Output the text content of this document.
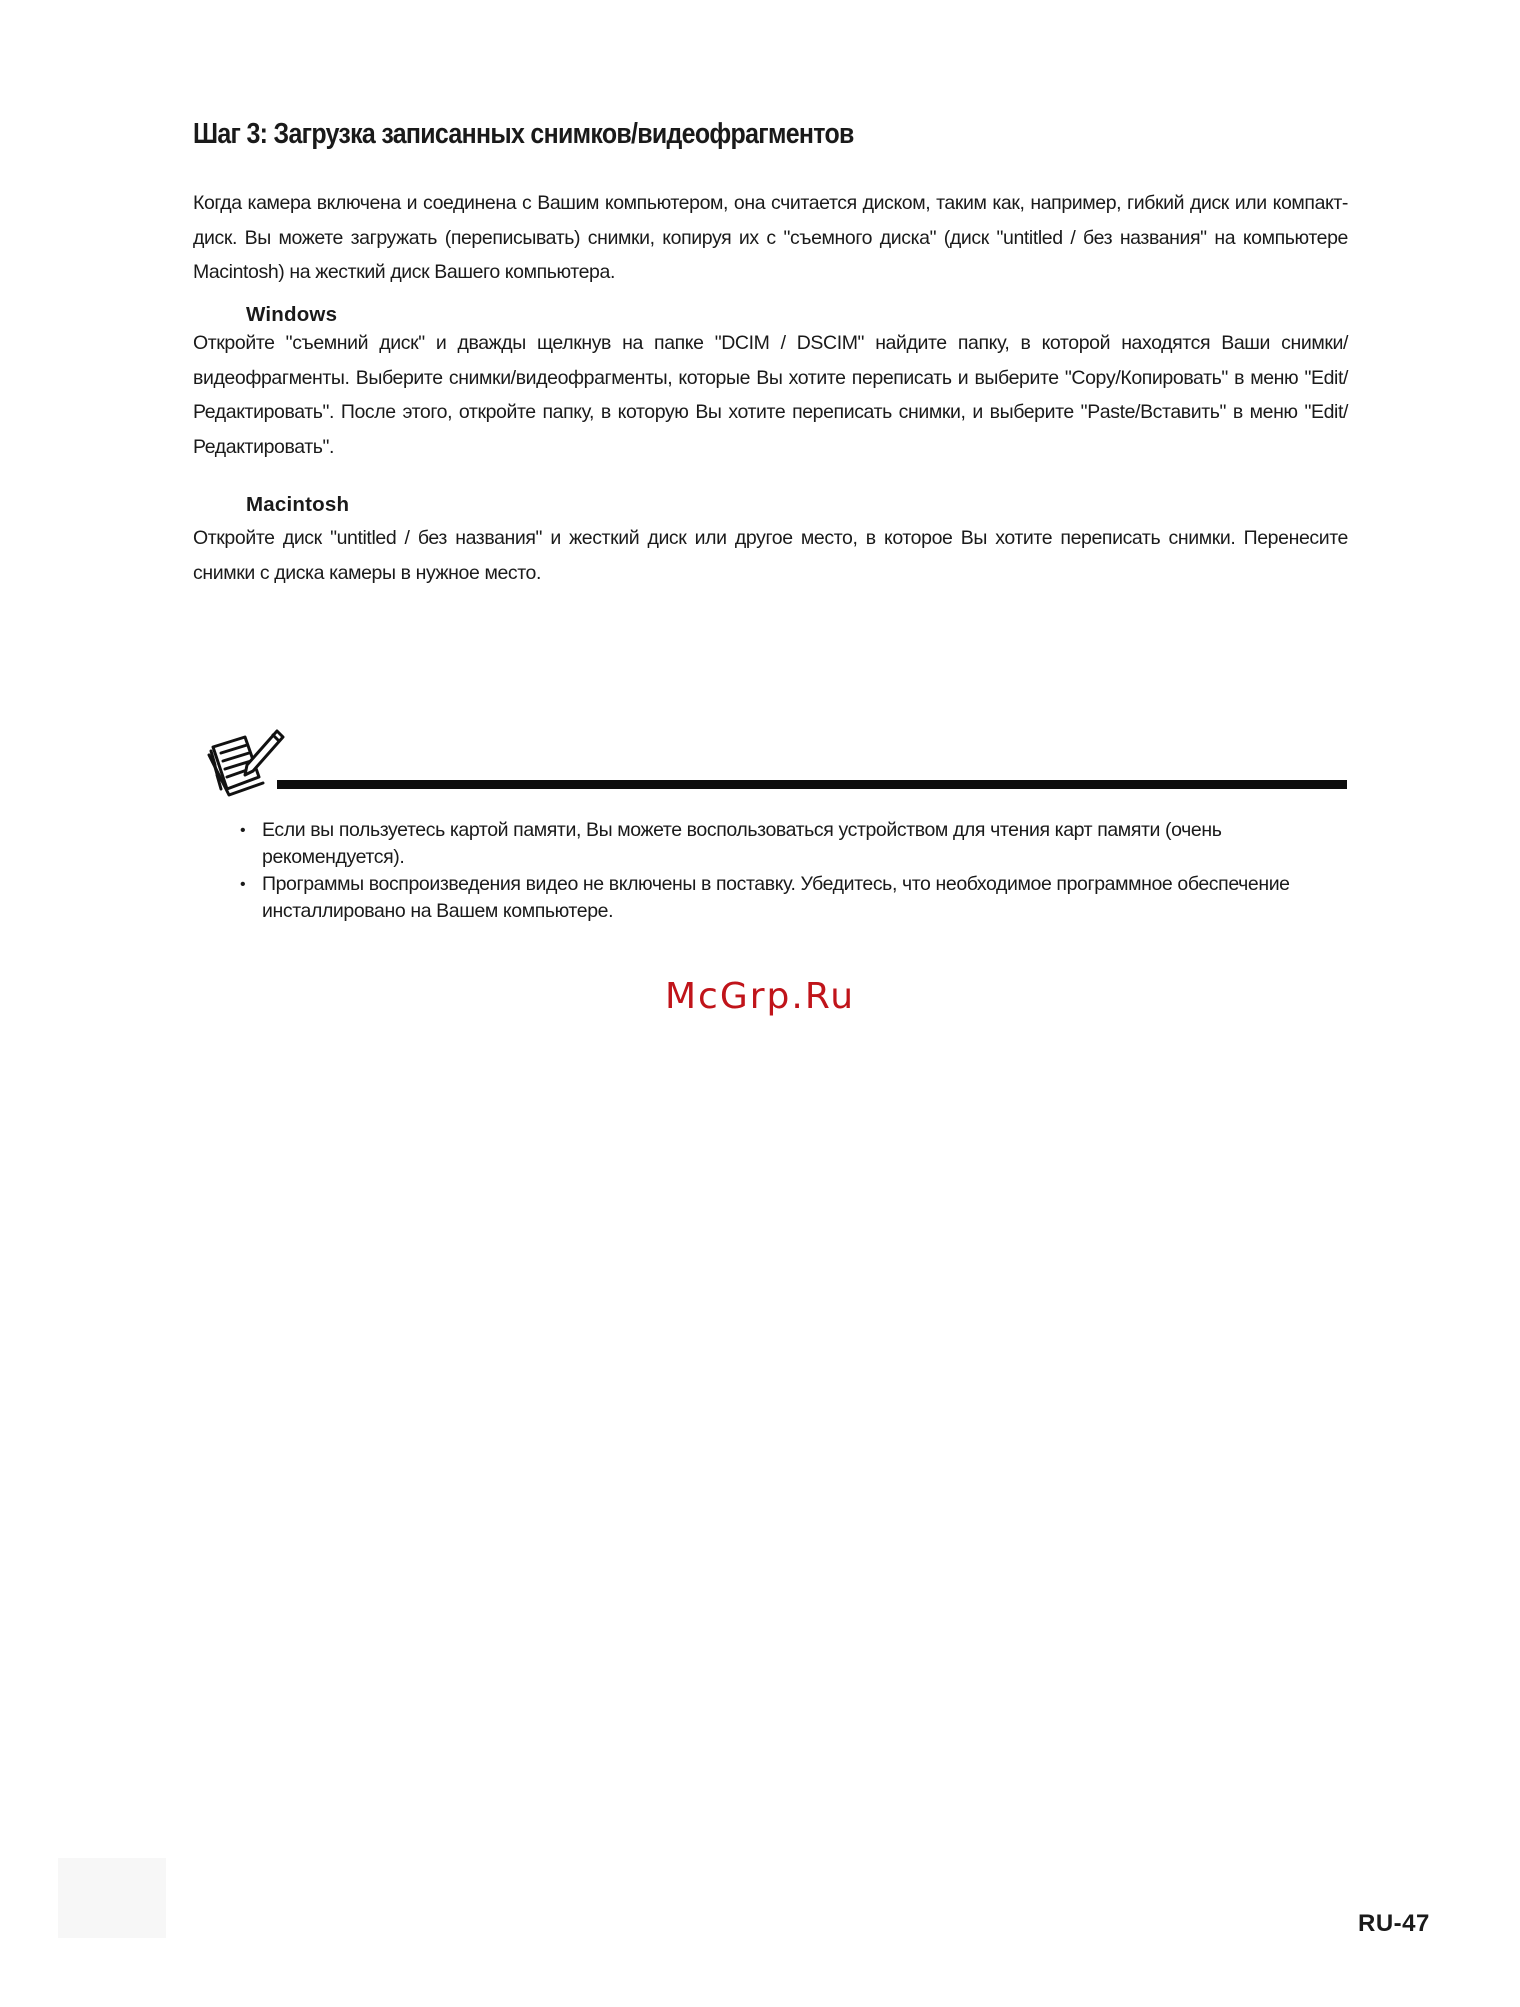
Шаг 3: Загрузка записанных снимков/видеофрагментов

Когда камера включена и соединена с Вашим компьютером, она считается диском, таким как, например, гибкий диск или компакт-диск. Вы можете загружать (переписывать) снимки, копируя их с "съемного диска" (диск "untitled / без названия" на компьютере Macintosh) на жесткий диск Вашего компьютера.

Windows

Откройте "съемний диск" и дважды щелкнув на папке "DCIM / DSCIM" найдите папку, в которой находятся Ваши снимки/видеофрагменты. Выберите снимки/видеофрагменты, которые Вы хотите переписать и выберите "Copy/Копировать" в меню "Edit/Редактировать". После этого, откройте папку, в которую Вы хотите переписать снимки, и выберите "Paste/Вставить" в меню "Edit/Редактировать".

Macintosh

Откройте диск "untitled / без названия" и жесткий диск или другое место, в которое Вы хотите переписать снимки. Перенесите снимки с диска камеры в нужное место.

• Если вы пользуетесь картой памяти, Вы можете воспользоваться устройством для чтения карт памяти (очень рекомендуется).
• Программы воспроизведения видео не включены в поставку. Убедитесь, что необходимое программное обеспечение инсталлировано на Вашем компьютере.

McGrp.Ru

RU-47
